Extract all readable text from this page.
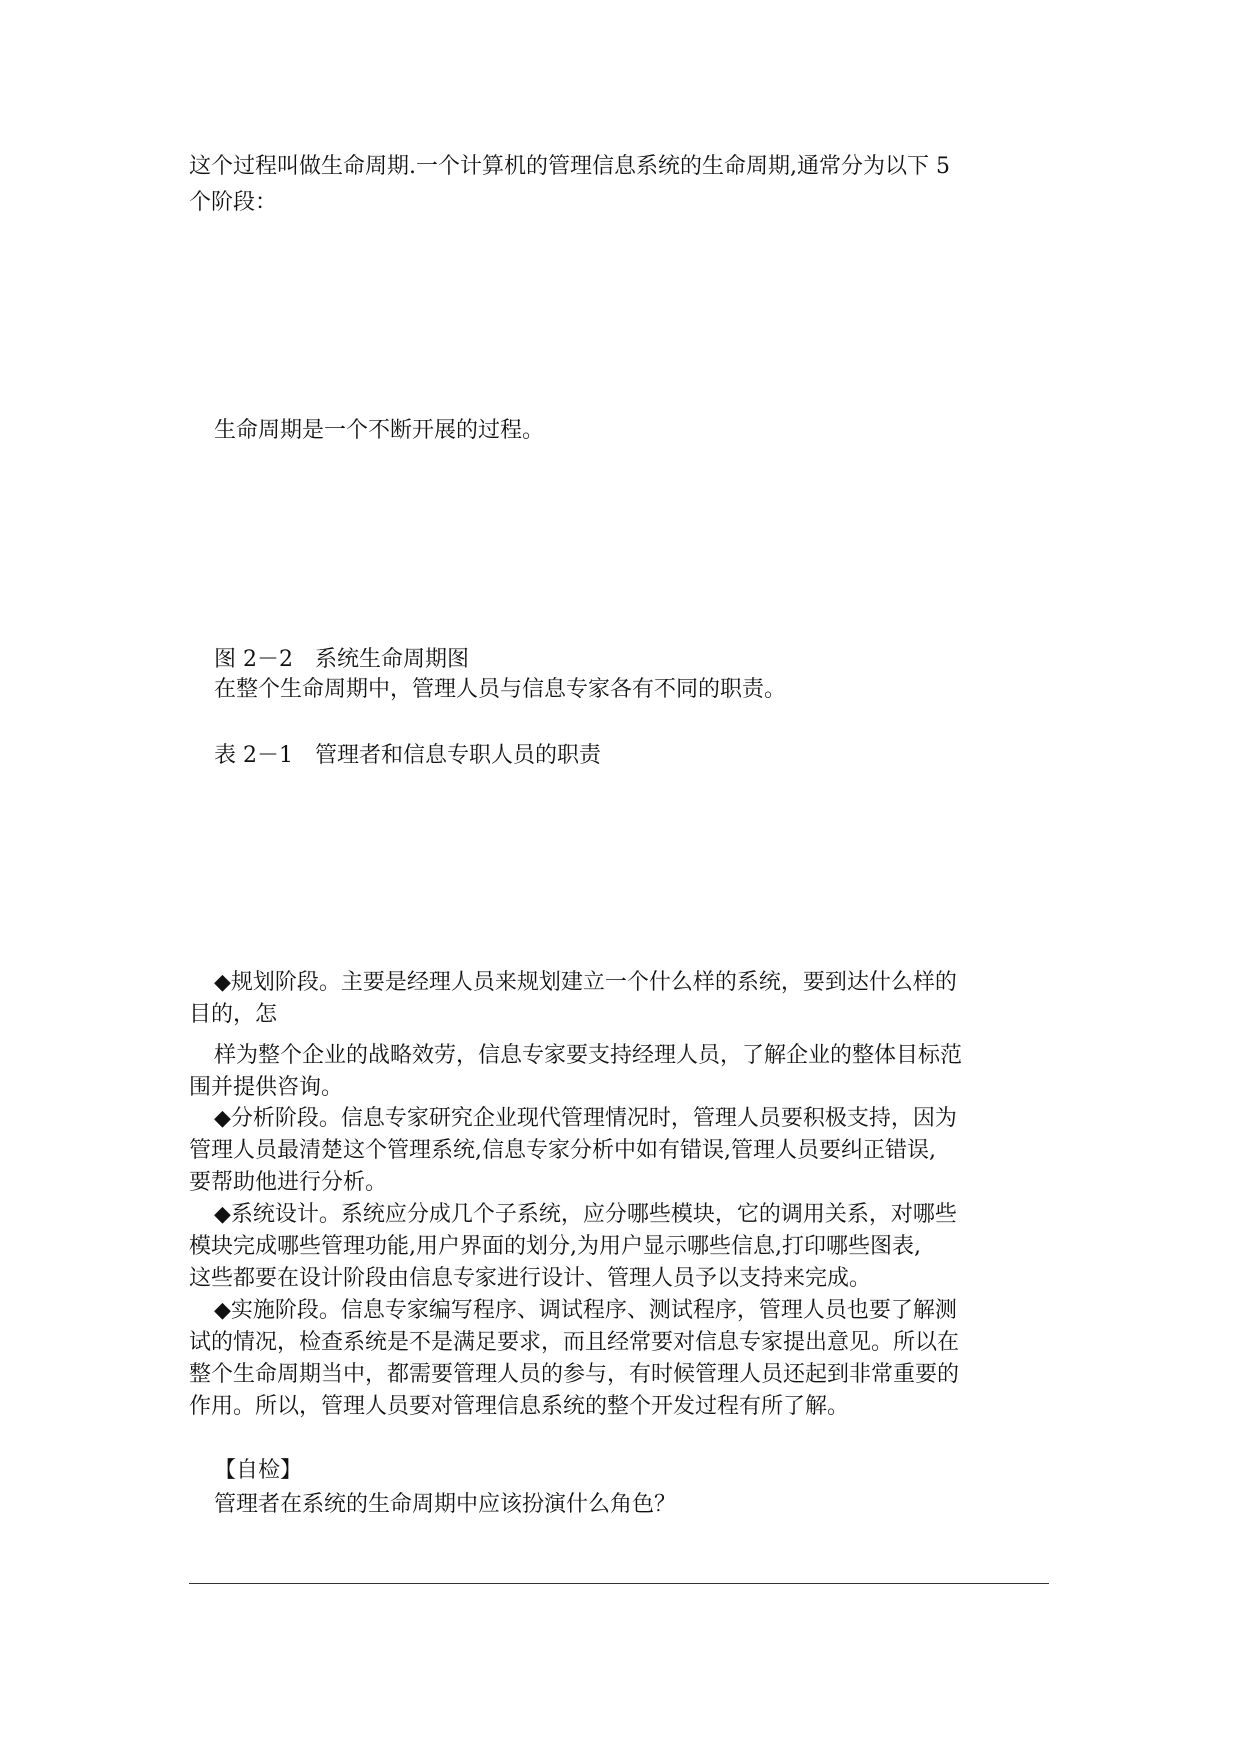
这个过程叫做生命周期.一个计算机的管理信息系统的生命周期,通常分为以下 5

个阶段：

生命周期是一个不断开展的过程。

图 2－2　系统生命周期图

在整个生命周期中，管理人员与信息专家各有不同的职责。

表 2－1　管理者和信息专职人员的职责

◆规划阶段。主要是经理人员来规划建立一个什么样的系统，要到达什么样的

目的，怎

样为整个企业的战略效劳，信息专家要支持经理人员，了解企业的整体目标范

围并提供咨询。

◆分析阶段。信息专家研究企业现代管理情况时，管理人员要积极支持，因为

管理人员最清楚这个管理系统,信息专家分析中如有错误,管理人员要纠正错误,

要帮助他进行分析。

◆系统设计。系统应分成几个子系统，应分哪些模块，它的调用关系，对哪些

模块完成哪些管理功能,用户界面的划分,为用户显示哪些信息,打印哪些图表,

这些都要在设计阶段由信息专家进行设计、管理人员予以支持来完成。

◆实施阶段。信息专家编写程序、调试程序、测试程序，管理人员也要了解测

试的情况，检查系统是不是满足要求，而且经常要对信息专家提出意见。所以在

整个生命周期当中，都需要管理人员的参与，有时候管理人员还起到非常重要的

作用。所以，管理人员要对管理信息系统的整个开发过程有所了解。

【自检】

管理者在系统的生命周期中应该扮演什么角色？
